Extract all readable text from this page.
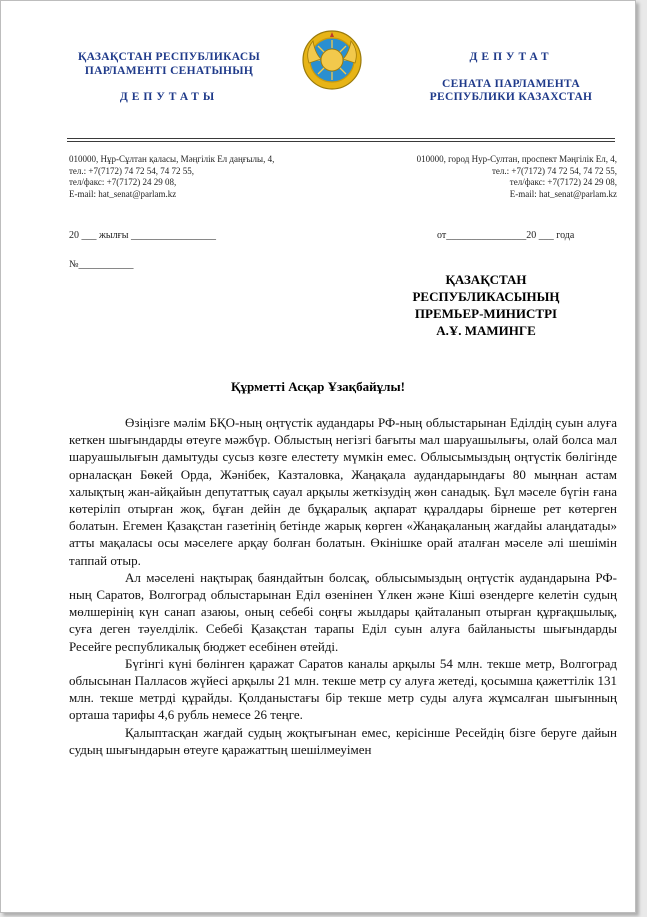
ҚАЗАҚСТАН РЕСПУБЛИКАСЫ
ПАРЛАМЕНТІ СЕНАТЫНЫҢ
ДЕПУТАТЫ
ДЕПУТАТ
СЕНАТА ПАРЛАМЕНТА
РЕСПУБЛИКИ КАЗАХСТАН
010000, Нұр-Сұлтан қаласы, Мәңгілік Ел даңғылы, 4,
тел.: +7(7172) 74 72 54, 74 72 55,
тел/факс: +7(7172) 24 29 08,
E-mail: hat_senat@parlam.kz
010000, город Нур-Султан, проспект Мәңгілік Ел, 4,
тел.: +7(7172) 74 72 54, 74 72 55,
тел/факс: +7(7172) 24 29 08,
E-mail: hat_senat@parlam.kz
20 ___ жылғы _________________	от________________20 ___ года
№___________
ҚАЗАҚСТАН
РЕСПУБЛИКАСЫНЫҢ
ПРЕМЬЕР-МИНИСТРІ
А.Ұ. МАМИНГЕ
Құрметті Асқар Ұзақбайұлы!

Өзіңізге мәлім БҚО-ның оңтүстік аудандары РФ-ның облыстарынан Еділдің суын алуға кеткен шығындарды өтеуге мәжбүр. Облыстың негізгі бағыты мал шаруашылығы, олай болса мал шаруашылығын дамытуды сусыз көзге елестету мүмкін емес. Облысымыздың оңтүстік бөлігінде орналасқан Бөкей Орда, Жәнібек, Казталовка, Жаңақала аудандарындағы 80 мыңнан астам халықтың жан-айқайын депутаттық сауал арқылы жеткізудің жөн санадық. Бұл мәселе бүгін ғана көтеріліп отырған жоқ, бұған дейін де бұқаралық ақпарат құралдары бірнеше рет көтерген болатын. Егемен Қазақстан газетінің бетінде жарық көрген «Жаңақаланың жағдайы алаңдатады» атты мақаласы осы мәселеге арқау болған болатын. Өкінішке орай аталған мәселе әлі шешімін таппай отыр.

Ал мәселені нақтырақ баяндайтын болсақ, облысымыздың оңтүстік аудандарына РФ-ның Саратов, Волгоград облыстарынан Еділ өзенінен Үлкен және Кіші өзендерге келетін судың мөлшерінің күн санап азаюы, оның себебі соңғы жылдары қайталанып отырған құрғақшылық, суға деген тәуелділік. Себебі Қазақстан тарапы Еділ суын алуға байланысты шығындарды Ресейге республикалық бюджет есебінен өтейді.

Бүгінгі күні бөлінген қаражат Саратов каналы арқылы 54 млн. текше метр, Волгоград облысынан Палласов жүйесі арқылы 21 млн. текше метр су алуға жетеді, қосымша қажеттілік 131 млн. текше метрді құрайды. Қолданыстағы бір текше метр суды алуға жұмсалған шығынның орташа тарифы 4,6 рубль немесе 26 теңге.

Қалыптасқан жағдай судың жоқтығынан емес, керісінше Ресейдің бізге беруге дайын судың шығындарын өтеуге қаражаттың шешілмеуімен
